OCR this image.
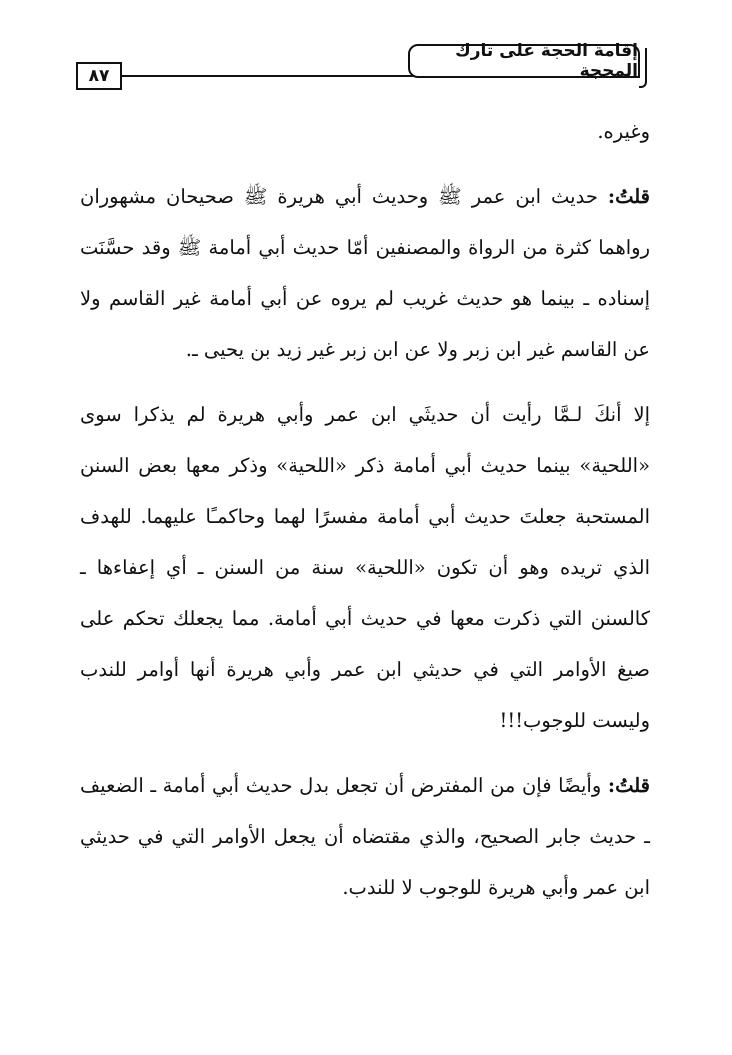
٨٧
إقامة الحجة على تارك المحجة

وغيره.

قلتُ: حديث ابن عمر ﷺ وحديث أبي هريرة ﷺ صحيحان مشهوران رواهما كثرة من الرواة والمصنفين أمّا حديث أبي أمامة ﷺ وقد حسَّنَت إسناده ـ بينما هو حديث غريب لم يروه عن أبي أمامة غير القاسم ولا عن القاسم غير ابن زبر ولا عن ابن زبر غير زيد بن يحيى ـ.

إلا أنكَ لـمَّا رأيت أن حديثَي ابن عمر وأبي هريرة لم يذكرا سوى «اللحية» بينما حديث أبي أمامة ذكر «اللحية» وذكر معها بعض السنن المستحبة جعلتَ حديث أبي أمامة مفسرًا لهما وحاكمـًا عليهما. للهدف الذي تريده وهو أن تكون «اللحية» سنة من السنن ـ أي إعفاءها ـ كالسنن التي ذكرت معها في حديث أبي أمامة. مما يجعلك تحكم على صيغ الأوامر التي في حديثي ابن عمر وأبي هريرة أنها أوامر للندب وليست للوجوب!!!

قلتُ: وأيضًا فإن من المفترض أن تجعل بدل حديث أبي أمامة ـ الضعيف ـ حديث جابر الصحيح، والذي مقتضاه أن يجعل الأوامر التي في حديثي ابن عمر وأبي هريرة للوجوب لا للندب.
